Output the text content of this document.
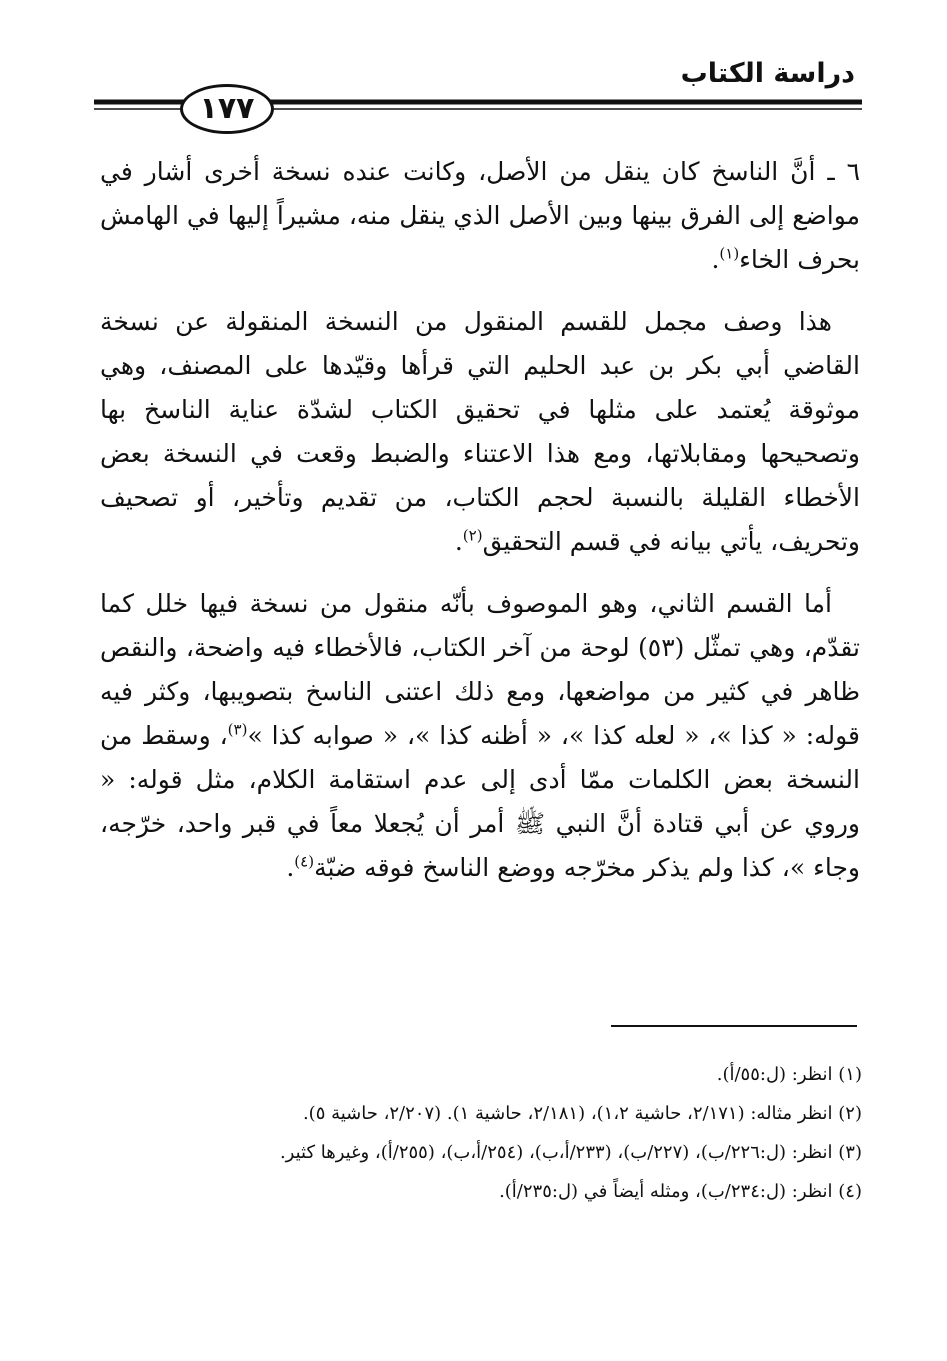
دراسة الكتاب
١٧٧

٦ ـ أنَّ الناسخ كان ينقل من الأصل، وكانت عنده نسخة أخرى أشار في مواضع إلى الفرق بينها وبين الأصل الذي ينقل منه، مشيراً إليها في الهامش بحرف الخاء$^{(١)}$.

هذا وصف مجمل للقسم المنقول من النسخة المنقولة عن نسخة القاضي أبي بكر بن عبد الحليم التي قرأها وقيّدها على المصنف، وهي موثوقة يُعتمد على مثلها في تحقيق الكتاب لشدّة عناية الناسخ بها وتصحيحها ومقابلاتها، ومع هذا الاعتناء والضبط وقعت في النسخة بعض الأخطاء القليلة بالنسبة لحجم الكتاب، من تقديم وتأخير، أو تصحيف وتحريف، يأتي بيانه في قسم التحقيق$^{(٢)}$.

أما القسم الثاني، وهو الموصوف بأنّه منقول من نسخة فيها خلل كما تقدّم، وهي تمثّل (٥٣) لوحة من آخر الكتاب، فالأخطاء فيه واضحة، والنقص ظاهر في كثير من مواضعها، ومع ذلك اعتنى الناسخ بتصويبها، وكثر فيه قوله: « كذا »، « لعله كذا »، « أظنه كذا »، « صوابه كذا »$^{(٣)}$، وسقط من النسخة بعض الكلمات ممّا أدى إلى عدم استقامة الكلام، مثل قوله: « وروي عن أبي قتادة أنَّ النبي ﷺ أمر أن يُجعلا معاً في قبر واحد، خرّجه، وجاء »، كذا ولم يذكر مخرّجه ووضع الناسخ فوقه ضبّة$^{(٤)}$.

(١) انظر: (ل:٥٥/أ).
(٢) انظر مثاله: (٢/١٧١، حاشية ١،٢)، (٢/١٨١، حاشية ١). (٢/٢٠٧، حاشية ٥).
(٣) انظر: (ل:٢٢٦/ب)، (٢٢٧/ب)، (٢٣٣/أ،ب)، (٢٥٤/أ،ب)، (٢٥٥/أ)، وغيرها كثير.
(٤) انظر: (ل:٢٣٤/ب)، ومثله أيضاً في (ل:٢٣٥/أ).
